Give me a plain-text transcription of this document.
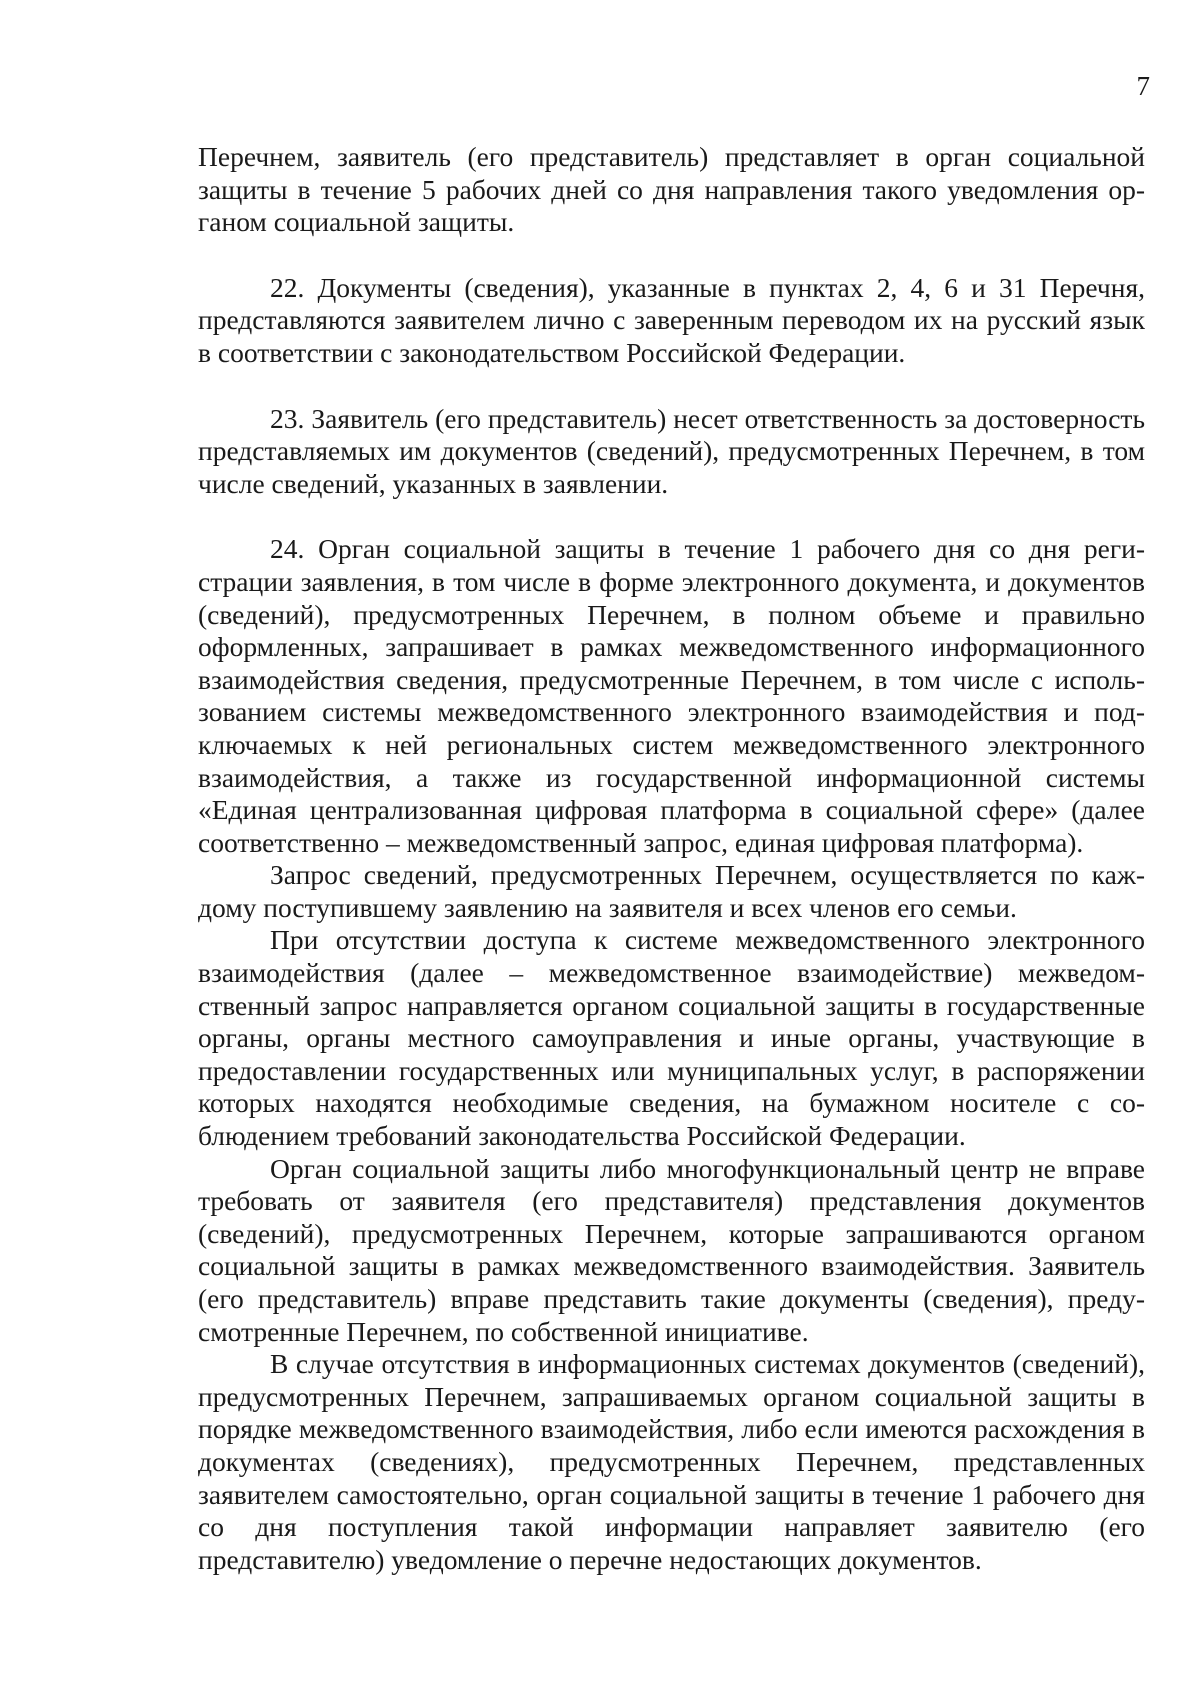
7

Перечнем, заявитель (его представитель) представляет в орган социальной защиты в течение 5 рабочих дней со дня направления такого уведомления органом социальной защиты.

22. Документы (сведения), указанные в пунктах 2, 4, 6 и 31 Перечня, представляются заявителем лично с заверенным переводом их на русский язык в соответствии с законодательством Российской Федерации.

23. Заявитель (его представитель) несет ответственность за достоверность представляемых им документов (сведений), предусмотренных Перечнем, в том числе сведений, указанных в заявлении.

24. Орган социальной защиты в течение 1 рабочего дня со дня регистрации заявления, в том числе в форме электронного документа, и документов (сведений), предусмотренных Перечнем, в полном объеме и правильно оформленных, запрашивает в рамках межведомственного информационного взаимодействия сведения, предусмотренные Перечнем, в том числе с использованием системы межведомственного электронного взаимодействия и подключаемых к ней региональных систем межведомственного электронного взаимодействия, а также из государственной информационной системы «Единая централизованная цифровая платформа в социальной сфере» (далее соответственно – межведомственный запрос, единая цифровая платформа).

Запрос сведений, предусмотренных Перечнем, осуществляется по каждому поступившему заявлению на заявителя и всех членов его семьи.

При отсутствии доступа к системе межведомственного электронного взаимодействия (далее – межведомственное взаимодействие) межведомственный запрос направляется органом социальной защиты в государственные органы, органы местного самоуправления и иные органы, участвующие в предоставлении государственных или муниципальных услуг, в распоряжении которых находятся необходимые сведения, на бумажном носителе с соблюдением требований законодательства Российской Федерации.

Орган социальной защиты либо многофункциональный центр не вправе требовать от заявителя (его представителя) представления документов (сведений), предусмотренных Перечнем, которые запрашиваются органом социальной защиты в рамках межведомственного взаимодействия. Заявитель (его представитель) вправе представить такие документы (сведения), предусмотренные Перечнем, по собственной инициативе.

В случае отсутствия в информационных системах документов (сведений), предусмотренных Перечнем, запрашиваемых органом социальной защиты в порядке межведомственного взаимодействия, либо если имеются расхождения в документах (сведениях), предусмотренных Перечнем, представленных заявителем самостоятельно, орган социальной защиты в течение 1 рабочего дня со дня поступления такой информации направляет заявителю (его представителю) уведомление о перечне недостающих документов.
